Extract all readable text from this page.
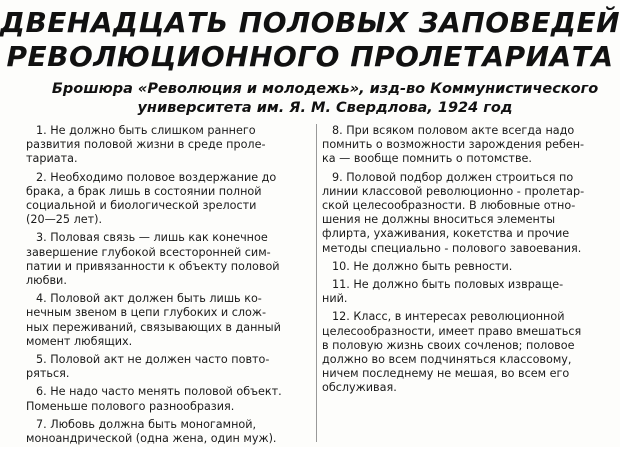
ДВЕНАДЦАТЬ ПОЛОВЫХ ЗАПОВЕДЕЙ
РЕВОЛЮЦИОННОГО ПРОЛЕТАРИАТА
Брошюра «Революция и молодежь», изд-во Коммунистического
университета им. Я. М. Свердлова, 1924 год
1. Не должно быть слишком раннего
развития половой жизни в среде проле-
тариата.
2. Необходимо половое воздержание до
брака, а брак лишь в состоянии полной
социальной и биологической зрелости
(20—25 лет).
3. Половая связь — лишь как конечное
завершение глубокой всесторонней сим-
патии и привязанности к объекту половой
любви.
4. Половой акт должен быть лишь ко-
нечным звеном в цепи глубоких и слож-
ных переживаний, связывающих в данный
момент любящих.
5. Половой акт не должен часто повто-
ряться.
6. Не надо часто менять половой объект.
Поменьше полового разнообразия.
7. Любовь должна быть моногамной,
моноандрической (одна жена, один муж).
8. При всяком половом акте всегда надо
помнить о возможности зарождения ребен-
ка — вообще помнить о потомстве.
9. Половой подбор должен строиться по
линии классовой революционно - пролетар-
ской целесообразности. В любовные отно-
шения не должны вноситься элементы
флирта, ухаживания, кокетства и прочие
методы специально - полового завоевания.
10. Не должно быть ревности.
11. Не должно быть половых извраще-
ний.
12. Класс, в интересах революционной
целесообразности, имеет право вмешаться
в половую жизнь своих сочленов; половое
должно во всем подчиняться классовому,
ничем последнему не мешая, во всем его
обслуживая.
